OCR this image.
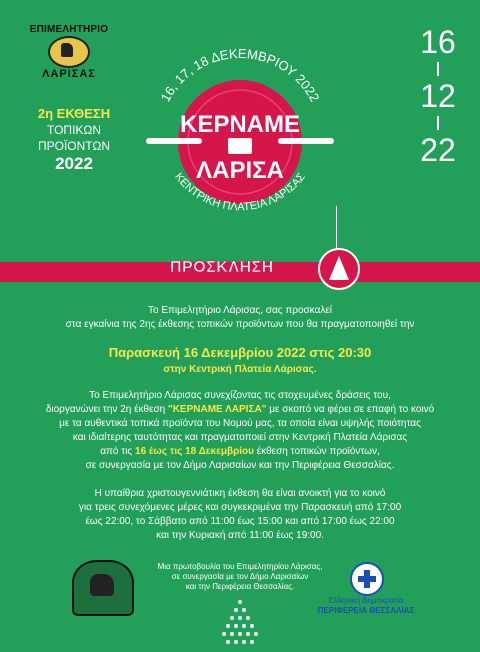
ΕΠΙΜΕΛΗΤΗΡΙΟ
ΛΑΡΙΣΑΣ
2η ΕΚΘΕΣΗ
ΤΟΠΙΚΩΝ
ΠΡΟΪΟΝΤΩΝ
2022
16
12
22
16, 17, 18 ΔΕΚΕΜΒΡΙΟΥ 2022
ΚΕΡΝΑΜΕ
ΛΑΡΙΣΑ
ΚΕΝΤΡΙΚΗ ΠΛΑΤΕΙΑ ΛΑΡΙΣΑΣ
ΠΡΟΣΚΛΗΣΗ
Το Επιμελητήριο Λάρισας, σας προσκαλεί
στα εγκαίνια της 2ης έκθεσης τοπικών προϊόντων που θα πραγματοποιηθεί την
Παρασκευή 16 Δεκεμβρίου 2022 στις 20:30
στην Κεντρική Πλατεία Λάρισας.
Το Επιμελητήριο Λάρισας συνεχίζοντας τις στοχευμένες δράσεις του,
διοργανώνει την 2η έκθεση "ΚΕΡΝΑΜΕ ΛΑΡΙΣΑ" με σκοπό να φέρει σε επαφή το κοινό
με τα αυθεντικά τοπικά προϊόντα του Νομού μας, τα οποία είναι υψηλής ποιότητας
και ιδιαίτερης ταυτότητας και πραγματοποιεί στην Κεντρική Πλατεία Λάρισας
από τις 16 έως τις 18 Δεκεμβρίου έκθεση τοπικών προϊόντων,
σε συνεργασία με τον Δήμο Λαρισαίων και την Περιφέρεια Θεσσαλίας.
Η υπαίθρια χριστουγεννιάτικη έκθεση θα είναι ανοικτή για το κοινό
για τρεις συνεχόμενες μέρες και συγκεκριμένα την Παρασκευή από 17:00
έως 22:00, το Σάββατο από 11:00 έως 15:00 και από 17:00 έως 22:00
και την Κυριακή από 11:00 έως 19:00.
Μια πρωτοβουλία του Επιμελητηρίου Λάρισας,
σε συνεργασία με τον Δήμο Λαρισαίων
και την Περιφέρεια Θεσσαλίας.
Ελληνική Δημοκρατία
ΠΕΡΙΦΕΡΕΙΑ ΘΕΣΣΑΛΙΑΣ
